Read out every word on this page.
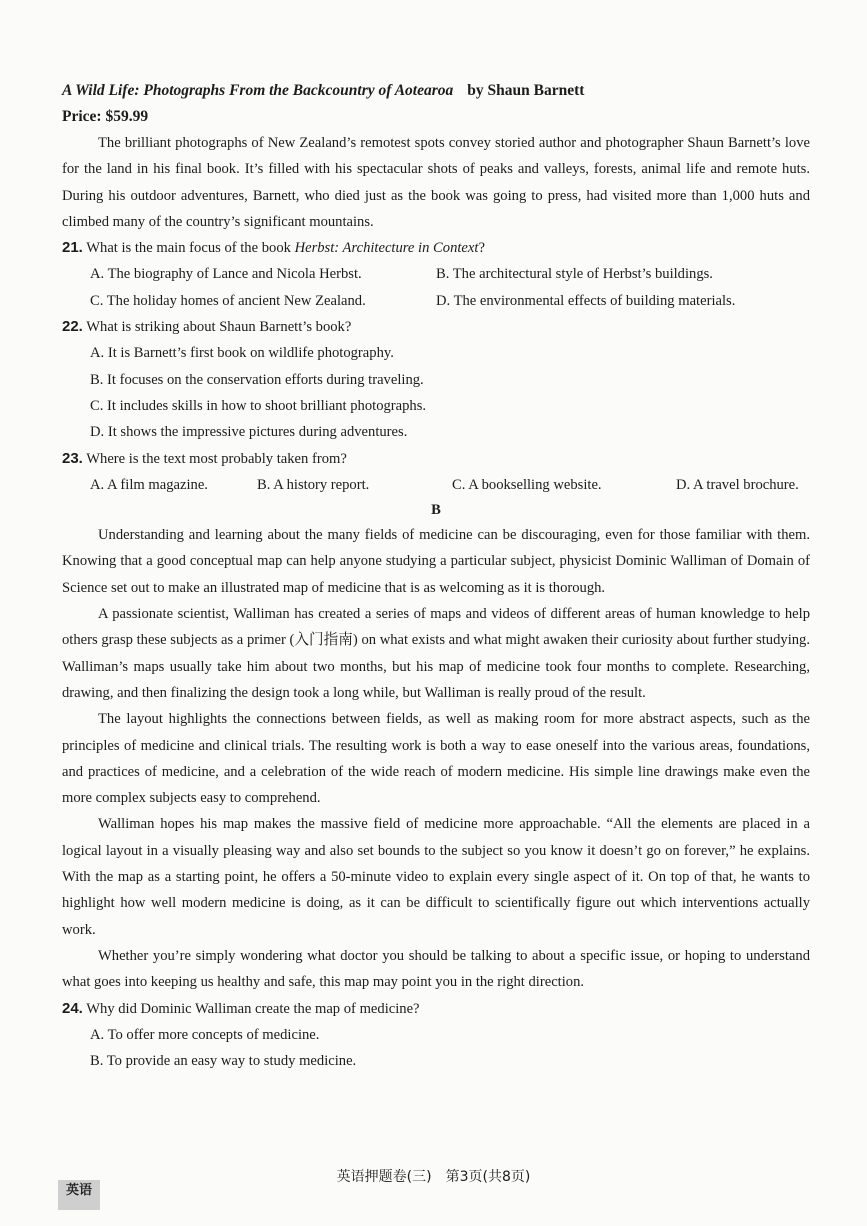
A Wild Life: Photographs From the Backcountry of Aotearoa by Shaun Barnett
Price: $59.99

The brilliant photographs of New Zealand’s remotest spots convey storied author and photographer Shaun Barnett’s love for the land in his final book. It’s filled with his spectacular shots of peaks and valleys, forests, animal life and remote huts. During his outdoor adventures, Barnett, who died just as the book was going to press, had visited more than 1,000 huts and climbed many of the country’s significant mountains.

21. What is the main focus of the book Herbst: Architecture in Context?
A. The biography of Lance and Nicola Herbst.	B. The architectural style of Herbst’s buildings.
C. The holiday homes of ancient New Zealand.	D. The environmental effects of building materials.
22. What is striking about Shaun Barnett’s book?
A. It is Barnett’s first book on wildlife photography.
B. It focuses on the conservation efforts during traveling.
C. It includes skills in how to shoot brilliant photographs.
D. It shows the impressive pictures during adventures.
23. Where is the text most probably taken from?
A. A film magazine.	B. A history report.	C. A bookselling website.	D. A travel brochure.
B

Understanding and learning about the many fields of medicine can be discouraging, even for those familiar with them. Knowing that a good conceptual map can help anyone studying a particular subject, physicist Dominic Walliman of Domain of Science set out to make an illustrated map of medicine that is as welcoming as it is thorough.

A passionate scientist, Walliman has created a series of maps and videos of different areas of human knowledge to help others grasp these subjects as a primer (入门指南) on what exists and what might awaken their curiosity about further studying. Walliman’s maps usually take him about two months, but his map of medicine took four months to complete. Researching, drawing, and then finalizing the design took a long while, but Walliman is really proud of the result.

The layout highlights the connections between fields, as well as making room for more abstract aspects, such as the principles of medicine and clinical trials. The resulting work is both a way to ease oneself into the various areas, foundations, and practices of medicine, and a celebration of the wide reach of modern medicine. His simple line drawings make even the more complex subjects easy to comprehend.

Walliman hopes his map makes the massive field of medicine more approachable. “All the elements are placed in a logical layout in a visually pleasing way and also set bounds to the subject so you know it doesn’t go on forever,” he explains. With the map as a starting point, he offers a 50-minute video to explain every single aspect of it. On top of that, he wants to highlight how well modern medicine is doing, as it can be difficult to scientifically figure out which interventions actually work.

Whether you’re simply wondering what doctor you should be talking to about a specific issue, or hoping to understand what goes into keeping us healthy and safe, this map may point you in the right direction.

24. Why did Dominic Walliman create the map of medicine?
A. To offer more concepts of medicine.
B. To provide an easy way to study medicine.
英语押题卷(三)　第3页(共8页)
英语
